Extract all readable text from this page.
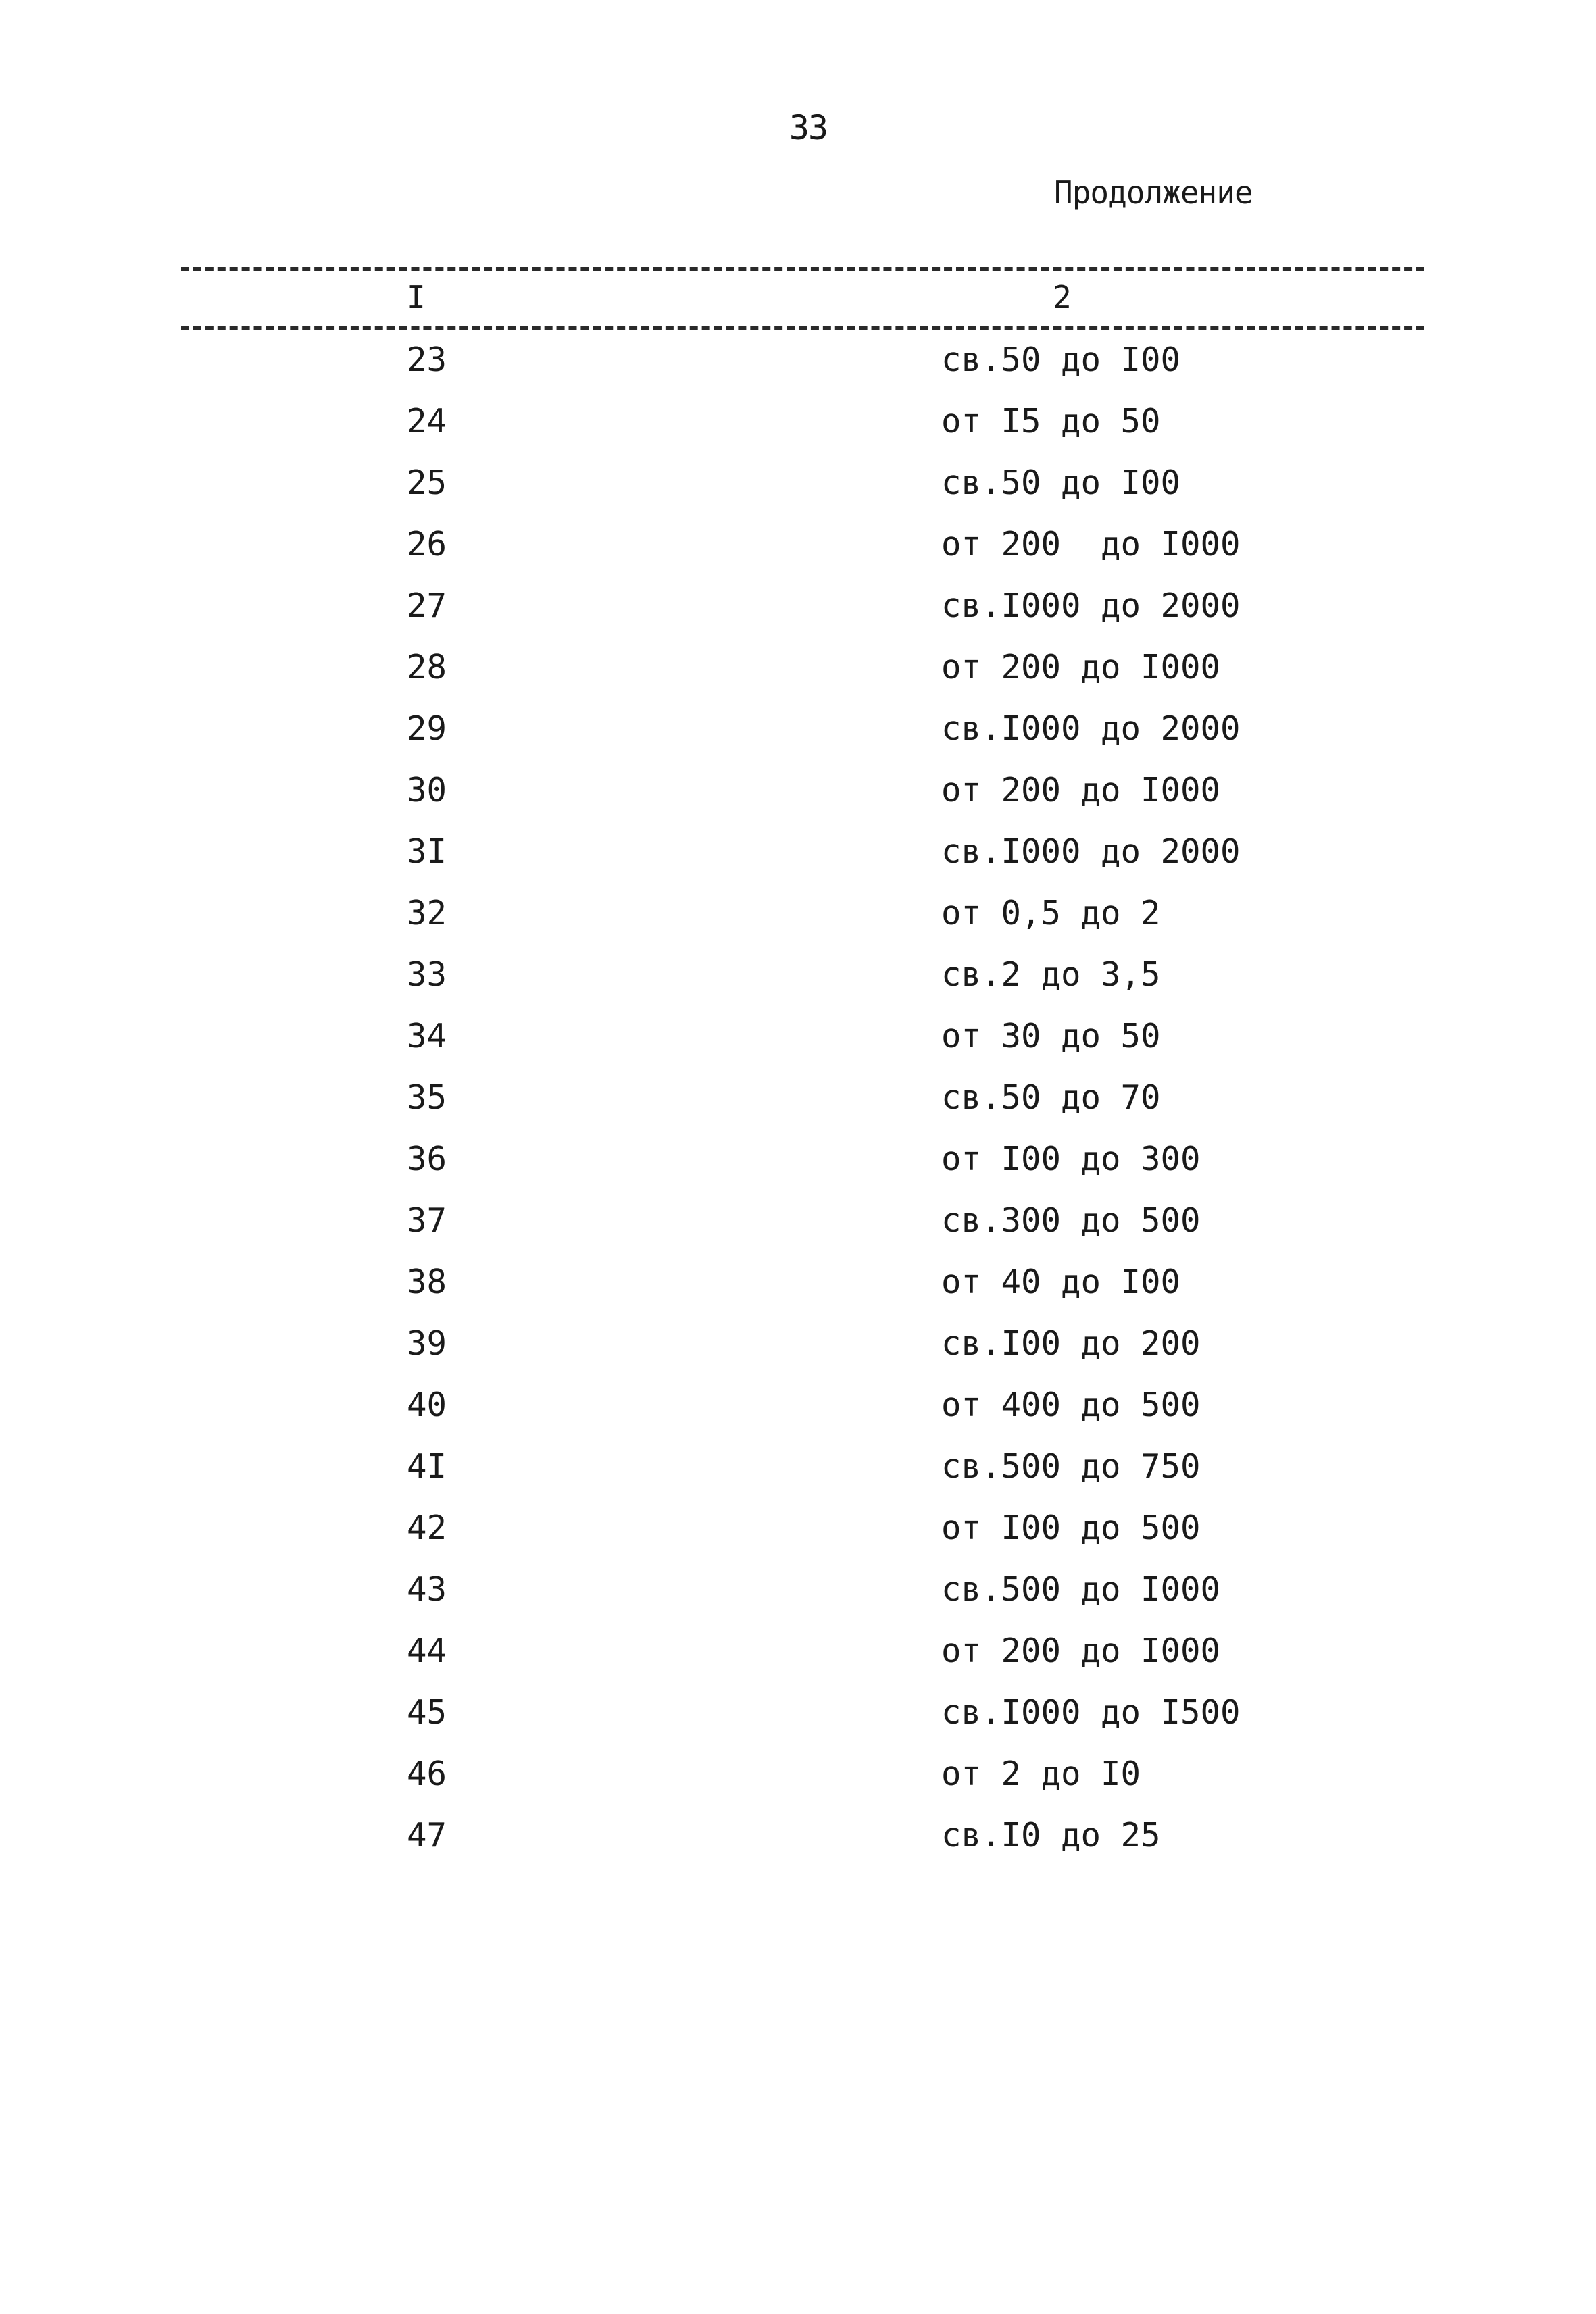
33
Продолжение
I	2
23	св.50 до I00
24	от I5 до 50
25	св.50 до I00
26	от 200  до I000
27	св.I000 до 2000
28	от 200 до I000
29	св.I000 до 2000
30	от 200 до I000
3I	св.I000 до 2000
32	от 0,5 до 2
33	св.2 до 3,5
34	от 30 до 50
35	св.50 до 70
36	от I00 до 300
37	св.300 до 500
38	от 40 до I00
39	св.I00 до 200
40	от 400 до 500
4I	св.500 до 750
42	от I00 до 500
43	св.500 до I000
44	от 200 до I000
45	св.I000 до I500
46	от 2 до I0
47	св.I0 до 25
